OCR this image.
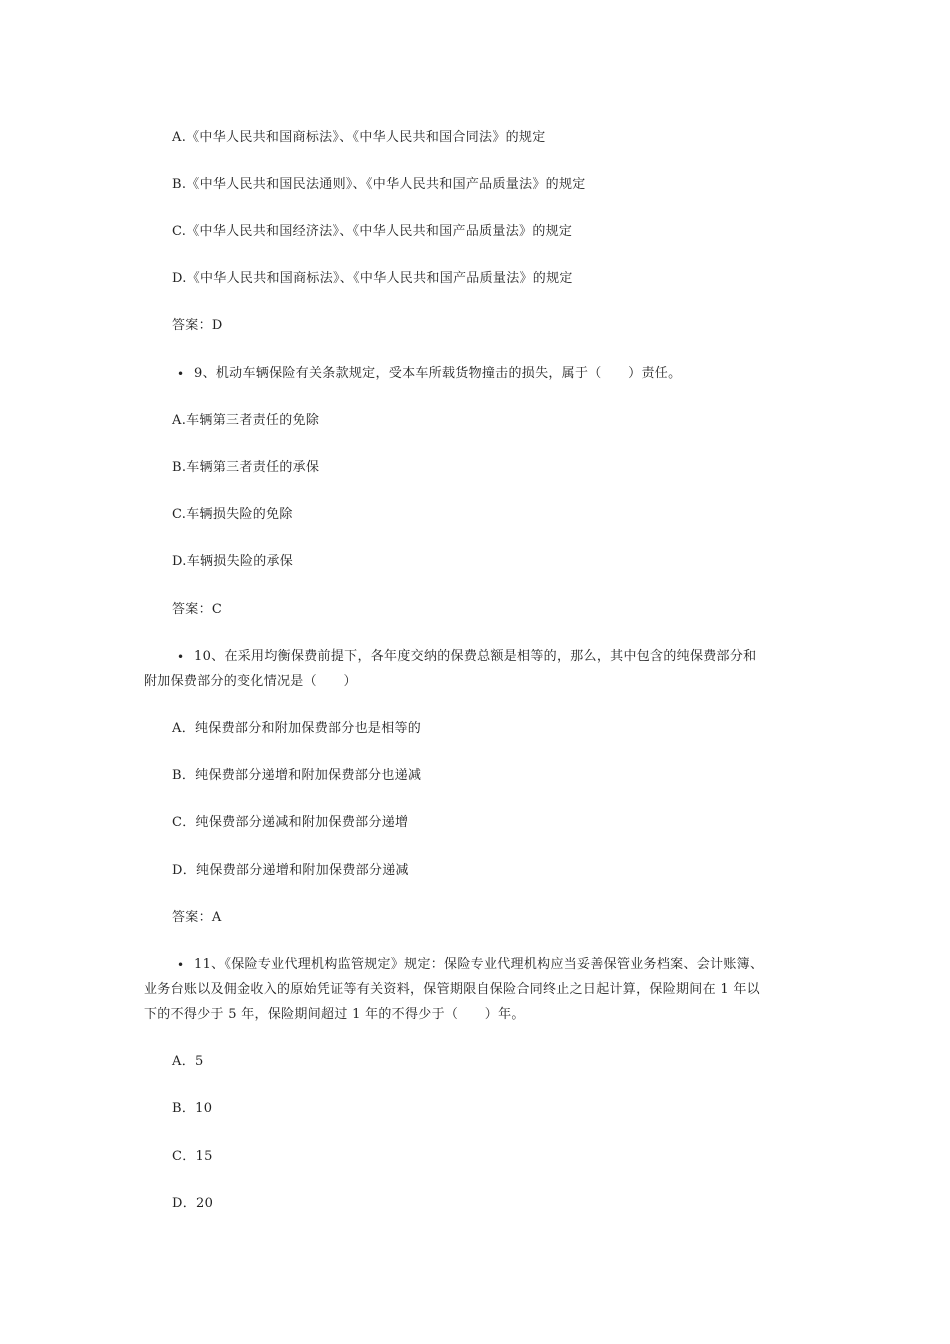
A.《中华人民共和国商标法》、《中华人民共和国合同法》的规定
B.《中华人民共和国民法通则》、《中华人民共和国产品质量法》的规定
C.《中华人民共和国经济法》、《中华人民共和国产品质量法》的规定
D.《中华人民共和国商标法》、《中华人民共和国产品质量法》的规定
答案：D
• 9、机动车辆保险有关条款规定，受本车所载货物撞击的损失，属于（　　）责任。
A.车辆第三者责任的免除
B.车辆第三者责任的承保
C.车辆损失险的免除
D.车辆损失险的承保
答案：C
• 10、在采用均衡保费前提下，各年度交纳的保费总额是相等的，那么，其中包含的纯保费部分和
附加保费部分的变化情况是（　　）
A．纯保费部分和附加保费部分也是相等的
B．纯保费部分递增和附加保费部分也递减
C．纯保费部分递减和附加保费部分递增
D．纯保费部分递增和附加保费部分递减
答案：A
• 11、《保险专业代理机构监管规定》规定：保险专业代理机构应当妥善保管业务档案、会计账簿、
业务台账以及佣金收入的原始凭证等有关资料，保管期限自保险合同终止之日起计算，保险期间在 1 年以
下的不得少于 5 年，保险期间超过 1 年的不得少于（　　）年。
A．5
B．10
C．15
D．20
